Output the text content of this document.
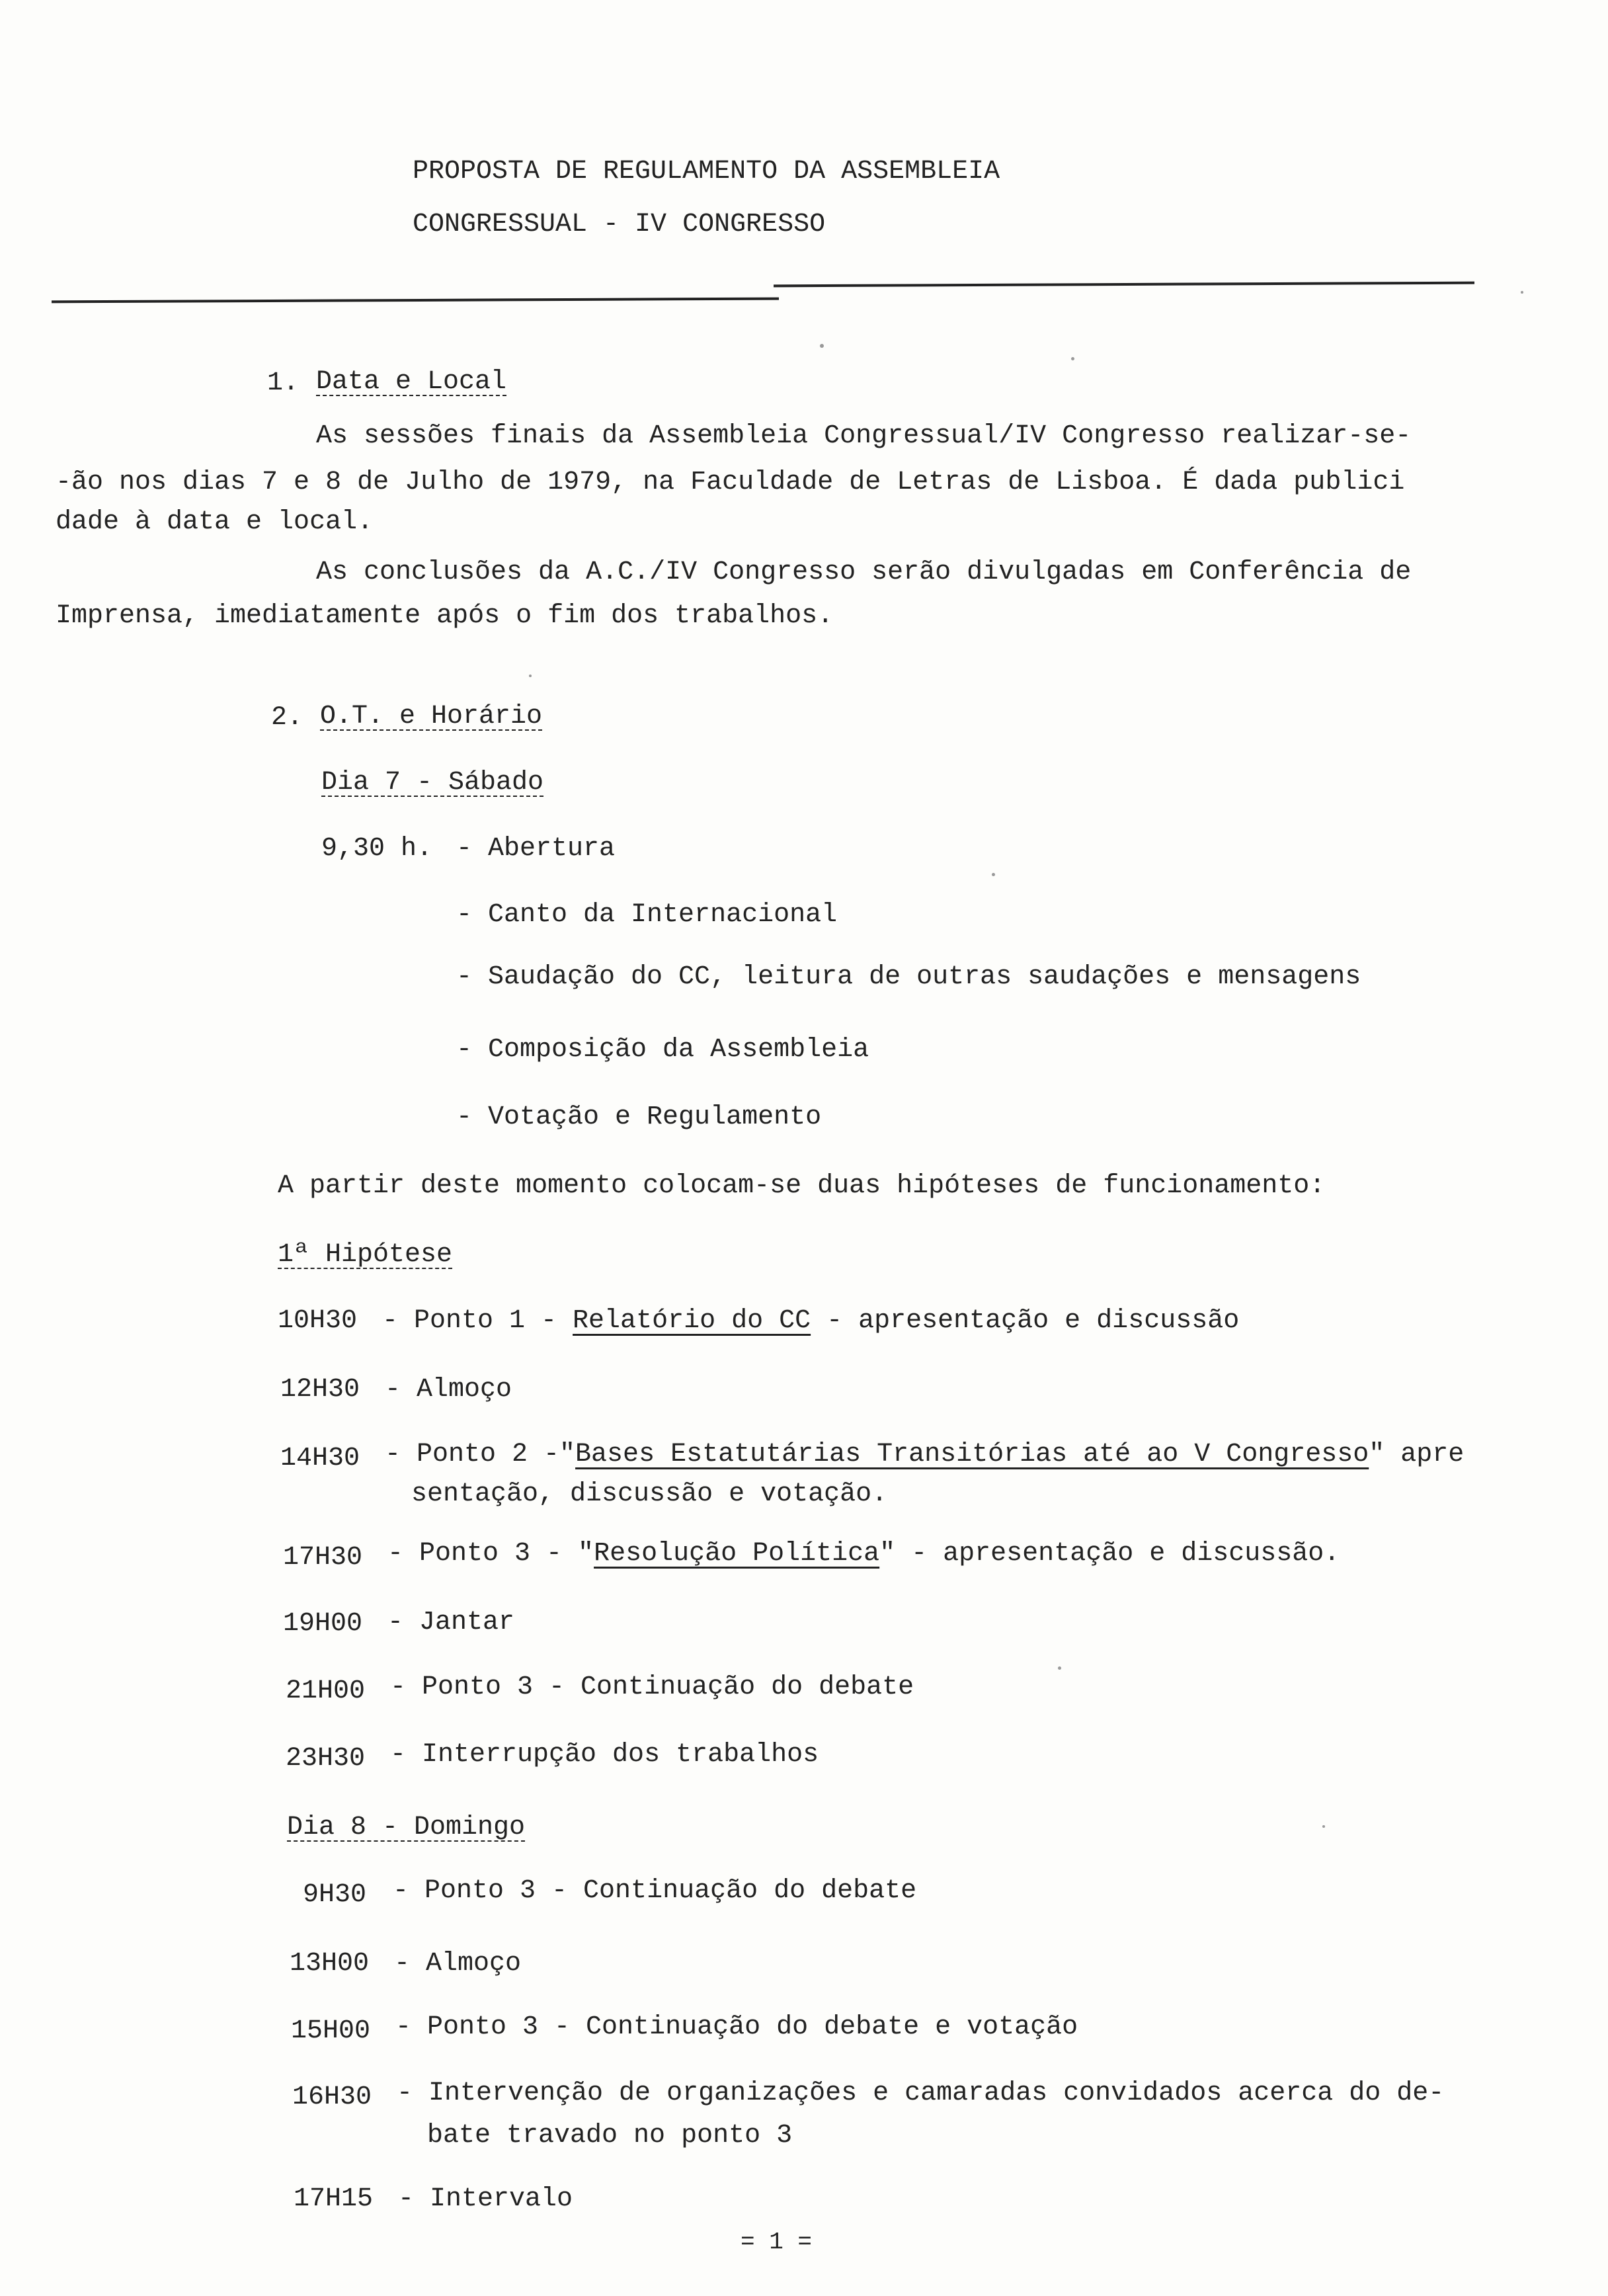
PROPOSTA DE REGULAMENTO DA ASSEMBLEIA
CONGRESSUAL - IV CONGRESSO
1. Data e Local
As sessões finais da Assembleia Congressual/IV Congresso realizar-se-
-ão nos dias 7 e 8 de Julho de 1979, na Faculdade de Letras de Lisboa. É dada publici
dade à data e local.
As conclusões da A.C./IV Congresso serão divulgadas em Conferência de
Imprensa, imediatamente após o fim dos trabalhos.
2. O.T. e Horário
Dia 7 - Sábado
9,30 h. - Abertura
- Canto da Internacional
- Saudação do CC, leitura de outras saudações e mensagens
- Composição da Assembleia
- Votação e Regulamento
A partir deste momento colocam-se duas hipóteses de funcionamento:
1ª Hipótese
10H30 - Ponto 1 - Relatório do CC - apresentação e discussão
12H30 - Almoço
14H30 - Ponto 2 -"Bases Estatutárias Transitórias até ao V Congresso" apre
sentação, discussão e votação.
17H30 - Ponto 3 - "Resolução Política" - apresentação e discussão.
19H00 - Jantar
21H00 - Ponto 3 - Continuação do debate
23H30 - Interrupção dos trabalhos
Dia 8 - Domingo
9H30 - Ponto 3 - Continuação do debate
13H00 - Almoço
15H00 - Ponto 3 - Continuação do debate e votação
16H30 - Intervenção de organizações e camaradas convidados acerca do de-
bate travado no ponto 3
17H15 - Intervalo
= 1 =
